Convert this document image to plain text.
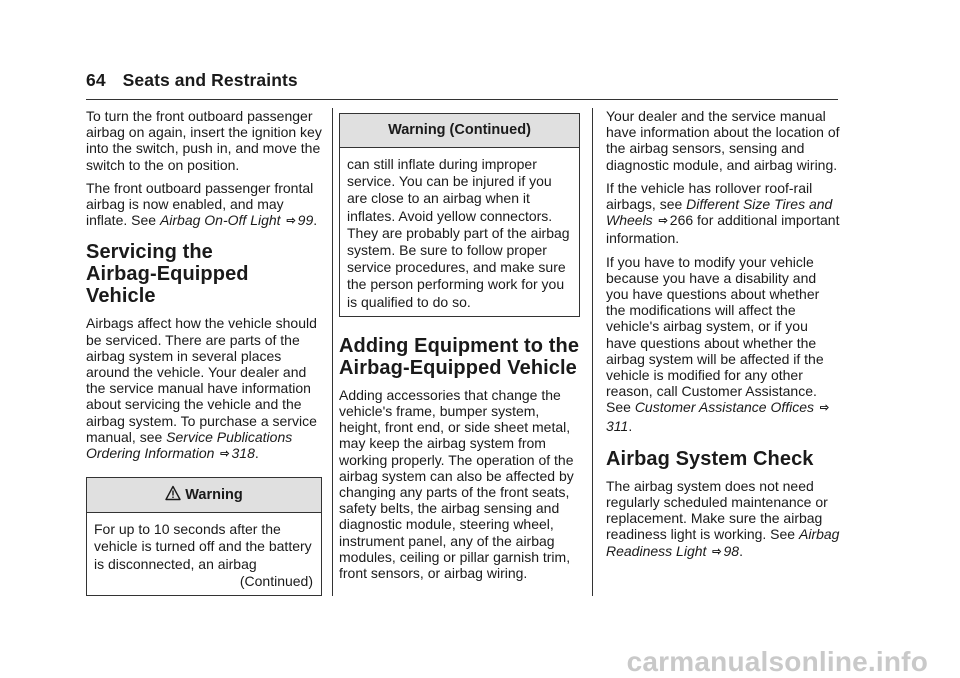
64 Seats and Restraints

To turn the front outboard passenger airbag on again, insert the ignition key into the switch, push in, and move the switch to the on position.

The front outboard passenger frontal airbag is now enabled, and may inflate. See Airbag On-Off Light ⇨ 99.

Servicing the
Airbag-Equipped Vehicle

Airbags affect how the vehicle should be serviced. There are parts of the airbag system in several places around the vehicle. Your dealer and the service manual have information about servicing the vehicle and the airbag system. To purchase a service manual, see Service Publications Ordering Information ⇨ 318.

Warning
For up to 10 seconds after the vehicle is turned off and the battery is disconnected, an airbag
(Continued)
Warning (Continued)
can still inflate during improper service. You can be injured if you are close to an airbag when it inflates. Avoid yellow connectors. They are probably part of the airbag system. Be sure to follow proper service procedures, and make sure the person performing work for you is qualified to do so.
Adding Equipment to the
Airbag-Equipped Vehicle

Adding accessories that change the vehicle's frame, bumper system, height, front end, or side sheet metal, may keep the airbag system from working properly. The operation of the airbag system can also be affected by changing any parts of the front seats, safety belts, the airbag sensing and diagnostic module, steering wheel, instrument panel, any of the airbag modules, ceiling or pillar garnish trim, front sensors, or airbag wiring.

Your dealer and the service manual have information about the location of the airbag sensors, sensing and diagnostic module, and airbag wiring.

If the vehicle has rollover roof-rail airbags, see Different Size Tires and Wheels ⇨ 266 for additional important information.

If you have to modify your vehicle because you have a disability and you have questions about whether the modifications will affect the vehicle's airbag system, or if you have questions about whether the airbag system will be affected if the vehicle is modified for any other reason, call Customer Assistance. See Customer Assistance Offices ⇨311.

Airbag System Check

The airbag system does not need regularly scheduled maintenance or replacement. Make sure the airbag readiness light is working. See Airbag Readiness Light ⇨ 98.

carmanualsonline.info
